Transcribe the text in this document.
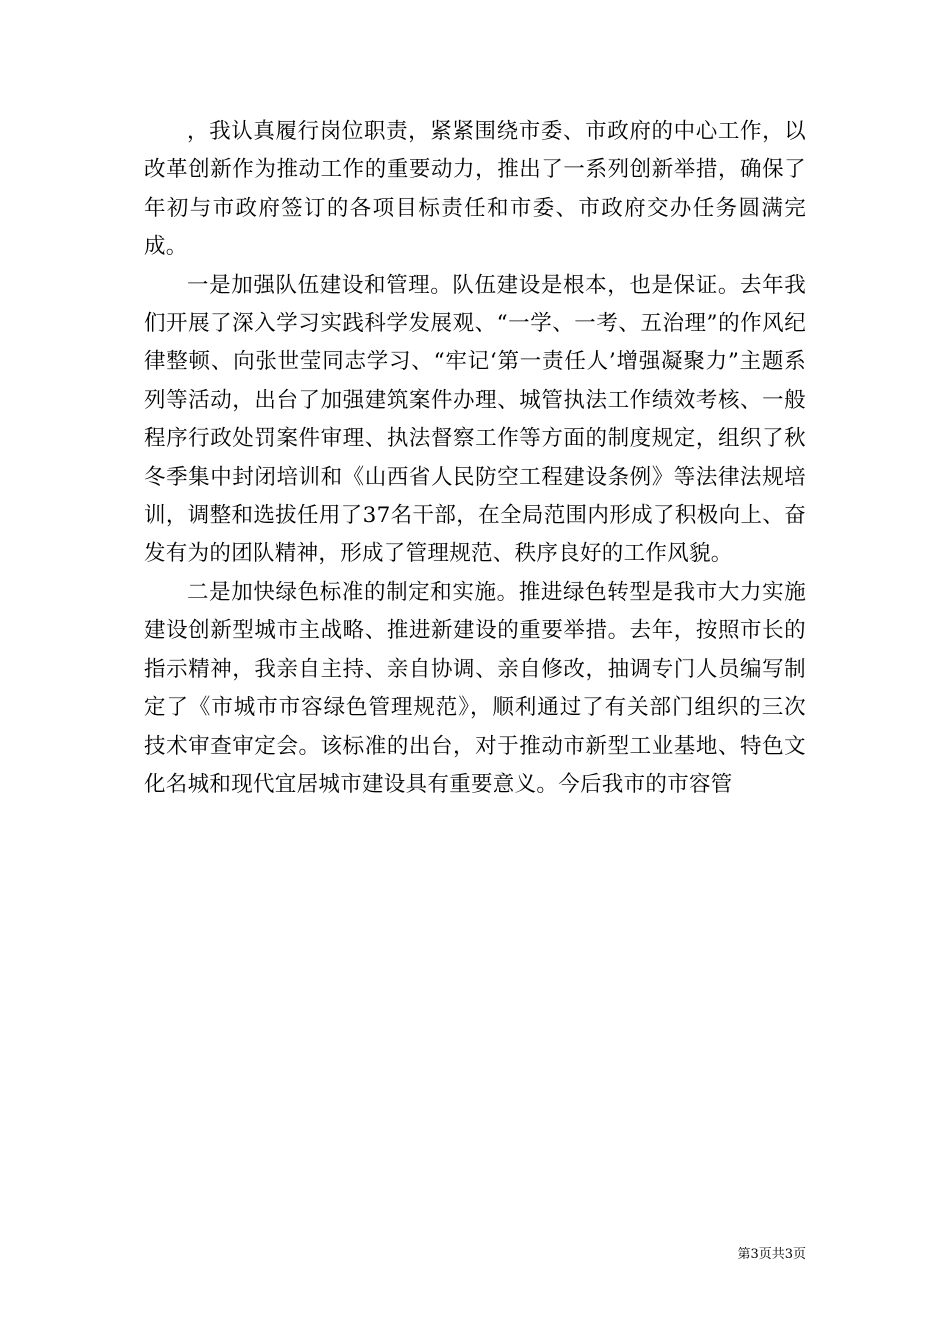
，我认真履行岗位职责，紧紧围绕市委、市政府的中心工作，以改革创新作为推动工作的重要动力，推出了一系列创新举措，确保了年初与市政府签订的各项目标责任和市委、市政府交办任务圆满完成。

一是加强队伍建设和管理。队伍建设是根本，也是保证。去年我们开展了深入学习实践科学发展观、“一学、一考、五治理”的作风纪律整顿、向张世莹同志学习、“牢记‘第一责任人’增强凝聚力”主题系列等活动，出台了加强建筑案件办理、城管执法工作绩效考核、一般程序行政处罚案件审理、执法督察工作等方面的制度规定，组织了秋冬季集中封闭培训和《山西省人民防空工程建设条例》等法律法规培训，调整和选拔任用了37名干部，在全局范围内形成了积极向上、奋发有为的团队精神，形成了管理规范、秩序良好的工作风貌。

二是加快绿色标准的制定和实施。推进绿色转型是我市大力实施建设创新型城市主战略、推进新建设的重要举措。去年，按照市长的指示精神，我亲自主持、亲自协调、亲自修改，抽调专门人员编写制定了《市城市市容绿色管理规范》，顺利通过了有关部门组织的三次技术审查审定会。该标准的出台，对于推动市新型工业基地、特色文化名城和现代宜居城市建设具有重要意义。今后我市的市容管

第3页共3页
